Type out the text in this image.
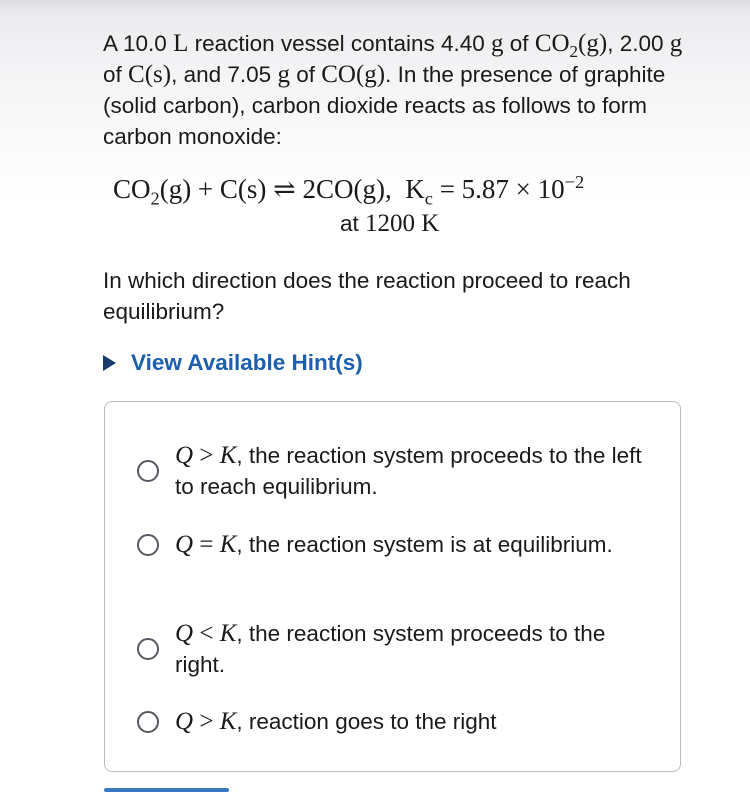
A 10.0 L reaction vessel contains 4.40 g of $CO_2(g)$, 2.00 g of C(s), and 7.05 g of CO(g). In the presence of graphite (solid carbon), carbon dioxide reacts as follows to form carbon monoxide:
$CO_2(g) + C(s)$ ⇌ 2CO(g), $K_c = 5.87 \times 10^{-2}$
at 1200 K
In which direction does the reaction proceed to reach equilibrium?
View Available Hint(s)
Q > K, the reaction system proceeds to the left to reach equilibrium.
Q = K, the reaction system is at equilibrium.
Q < K, the reaction system proceeds to the right.
Q > K, reaction goes to the right
